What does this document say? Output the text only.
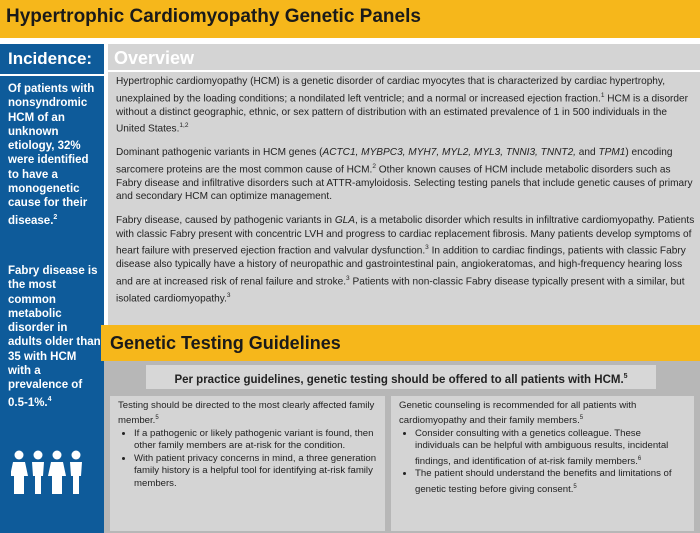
Hypertrophic Cardiomyopathy Genetic Panels
Incidence:
Of patients with nonsyndromic HCM of an unknown etiology, 32% were identified to have a monogenetic cause for their disease.$^2$
Fabry disease is the most common metabolic disorder in adults older than 35 with HCM with a prevalence of 0.5-1%.$^4$
Overview
Hypertrophic cardiomyopathy (HCM) is a genetic disorder of cardiac myocytes that is characterized by cardiac hypertrophy, unexplained by the loading conditions; a nondilated left ventricle; and a normal or increased ejection fraction.$^1$ HCM is a disorder without a distinct geographic, ethnic, or sex pattern of distribution with an estimated prevalence of 1 in 500 individuals in the United States.$^{1,2}$
Dominant pathogenic variants in HCM genes (ACTC1, MYBPC3, MYH7, MYL2, MYL3, TNNI3, TNNT2, and TPM1) encoding sarcomere proteins are the most common cause of HCM.$^2$ Other known causes of HCM include metabolic disorders such as Fabry disease and infiltrative disorders such at ATTR-amyloidosis. Selecting testing panels that include genetic causes of primary and secondary HCM can optimize management.
Fabry disease, caused by pathogenic variants in GLA, is a metabolic disorder which results in infiltrative cardiomyopathy. Patients with classic Fabry present with concentric LVH and progress to cardiac replacement fibrosis. Many patients develop symptoms of heart failure with preserved ejection fraction and valvular dysfunction.$^3$ In addition to cardiac findings, patients with classic Fabry disease also typically have a history of neuropathic and gastrointestinal pain, angiokeratomas, and high-frequency hearing loss and are at increased risk of renal failure and stroke.$^3$ Patients with non-classic Fabry disease typically present with a similar, but isolated cardiomyopathy.$^3$
Genetic Testing Guidelines
Per practice guidelines, genetic testing should be offered to all patients with HCM.$^5$

Testing should be directed to the most clearly affected family member.$^5$

• If a pathogenic or likely pathogenic variant is found, then other family members are at-risk for the condition.
• With patient privacy concerns in mind, a three generation family history is a helpful tool for identifying at-risk family members.

Genetic counseling is recommended for all patients with cardiomyopathy and their family members.$^5$

• Consider consulting with a genetics colleague. These individuals can be helpful with ambiguous results, incidental findings, and identification of at-risk family members.$^6$
• The patient should understand the benefits and limitations of genetic testing before giving consent.$^5$
